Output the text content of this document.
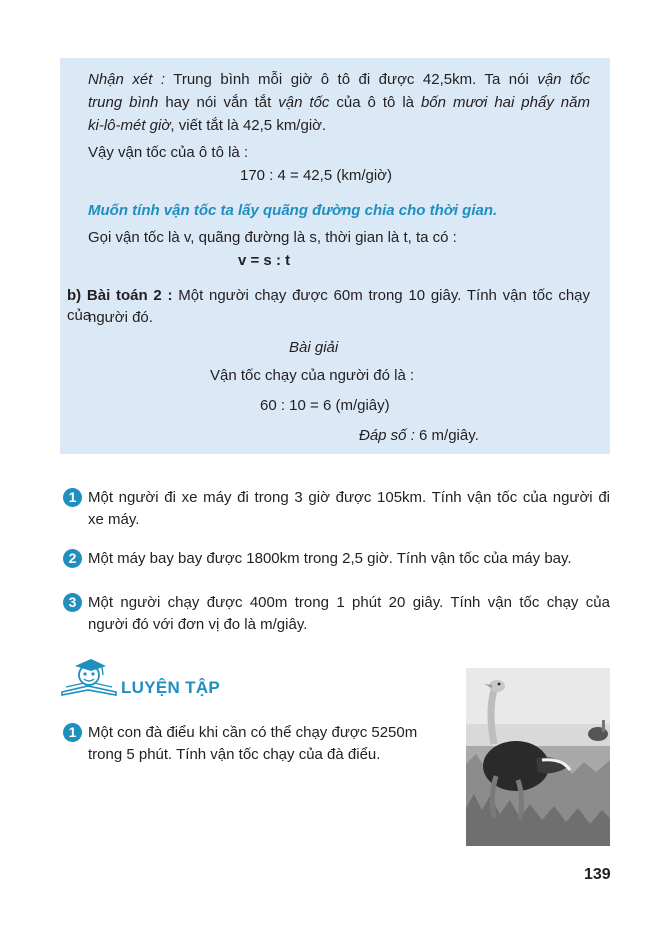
Nhận xét : Trung bình mỗi giờ ô tô đi được 42,5km. Ta nói vận tốc
trung bình hay nói vắn tắt vận tốc của ô tô là bốn mươi hai phẩy năm
ki-lô-mét giờ, viết tắt là 42,5 km/giờ.
Vậy vận tốc của ô tô là :
170 : 4 = 42,5 (km/giờ)
Muốn tính vận tốc ta lấy quãng đường chia cho thời gian.
Gọi vận tốc là v, quãng đường là s, thời gian là t, ta có :
v = s : t
b) Bài toán 2 : Một người chạy được 60m trong 10 giây. Tính vận tốc chạy của
người đó.
Bài giải
Vận tốc chạy của người đó là :
60 : 10 = 6 (m/giây)
Đáp số : 6 m/giây.
1 Một người đi xe máy đi trong 3 giờ được 105km. Tính vận tốc của người đi
xe máy.
2 Một máy bay bay được 1800km trong 2,5 giờ. Tính vận tốc của máy bay.
3 Một người chạy được 400m trong 1 phút 20 giây. Tính vận tốc chạy của
người đó với đơn vị đo là m/giây.
LUYỆN TẬP
1 Một con đà điểu khi cần có thể chạy được 5250m
trong 5 phút. Tính vận tốc chạy của đà điểu.
139
